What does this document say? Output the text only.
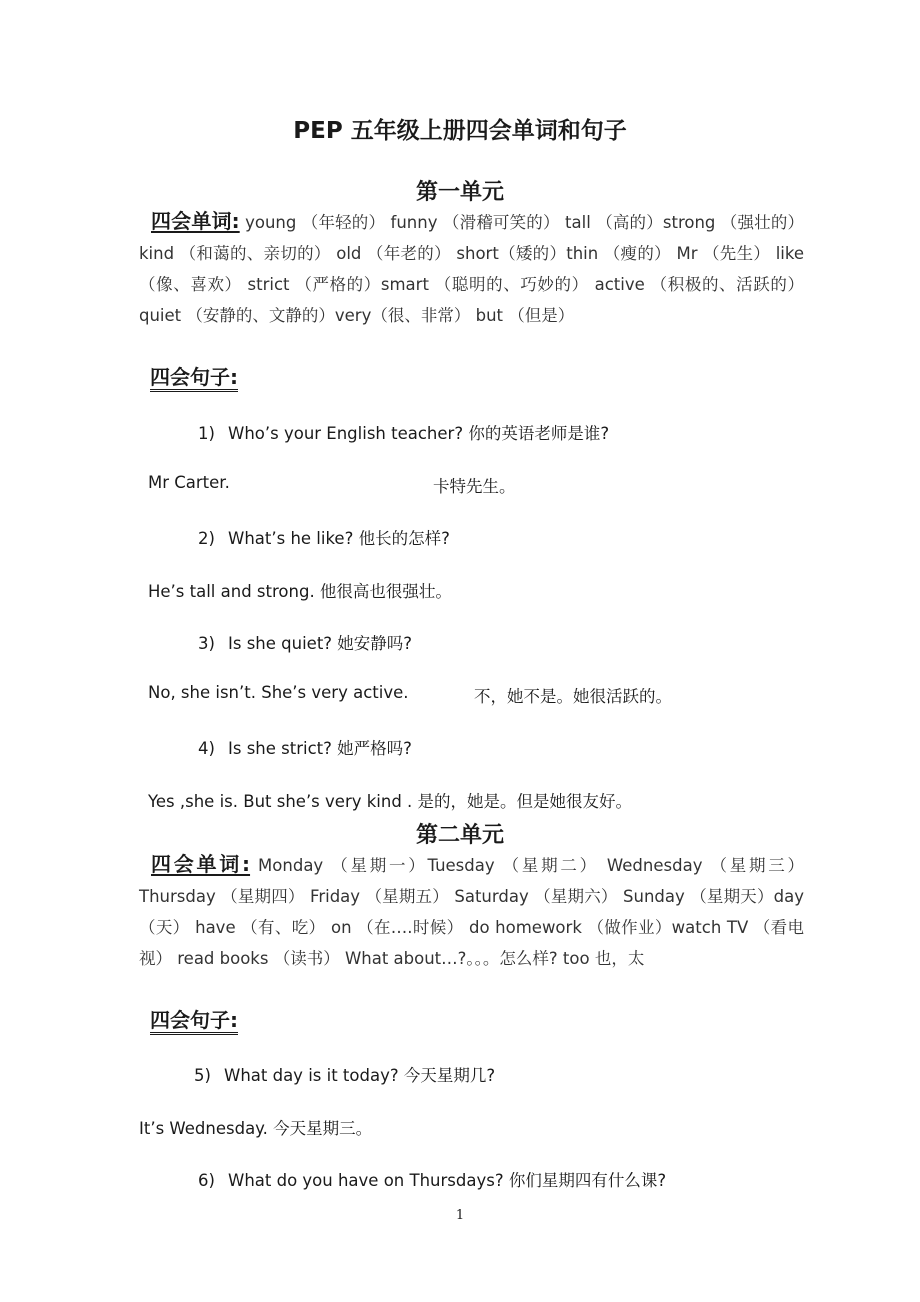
PEP 五年级上册四会单词和句子
第一单元
四会单词: young （年轻的） funny （滑稽可笑的） tall （高的）strong （强壮的） kind （和蔼的、亲切的） old （年老的） short（矮的）thin （瘦的） Mr （先生） like （像、喜欢） strict （严格的）smart （聪明的、巧妙的） active （积极的、活跃的） quiet （安静的、文静的）very（很、非常） but （但是）
四会句子:
1) Who’s your English teacher? 你的英语老师是谁?
Mr Carter.	卡特先生。
2) What’s he like? 他长的怎样?
He’s tall and strong. 他很高也很强壮。
3) Is she quiet? 她安静吗?
No, she isn’t. She’s very active.	不，她不是。她很活跃的。
4) Is she strict? 她严格吗?
Yes ,she is. But she’s very kind . 是的，她是。但是她很友好。
第二单元
四会单词: Monday （星期一）Tuesday （星期二） Wednesday （星期三）Thursday （星期四） Friday （星期五） Saturday （星期六） Sunday （星期天）day （天） have （有、吃） on （在….时候） do homework （做作业）watch TV （看电视） read books （读书） What about…?。。。怎么样? too 也，太
四会句子:
5) What day is it today? 今天星期几?
It’s Wednesday. 今天星期三。
6) What do you have on Thursdays? 你们星期四有什么课?
1
